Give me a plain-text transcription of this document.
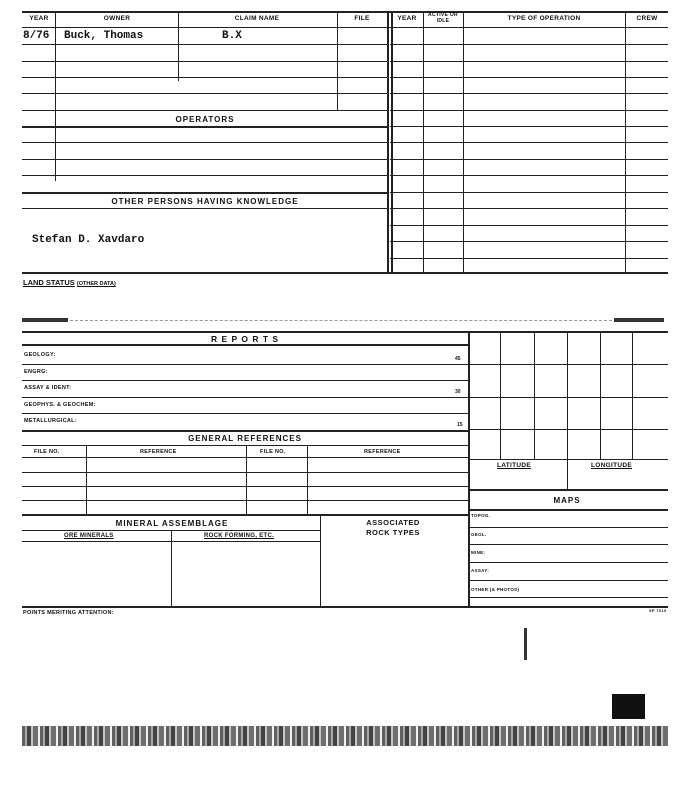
YEAR	OWNER	CLAIM NAME	FILE	YEAR	ACTIVE OR IDLE	TYPE OF OPERATION	CREW
8/76 Buck, Thomas	B.X
OPERATORS
OTHER PERSONS HAVING KNOWLEDGE
Stefan D. Xavdaro
LAND STATUS (OTHER DATA)
R E P O R T S
GEOLOGY:
45
ENGRG:
ASSAY & IDENT:
30
GEOPHYS. & GEOCHEM:
METALLURGICAL:
15
GENERAL REFERENCES
FILE NO.	REFERENCE	FILE NO.	REFERENCE
LATITUDE	LONGITUDE
MAPS
TOPOG.
GEOL.
MINE:
ASSAY:
OTHER (& PHOTOS)
MINERAL ASSEMBLAGE
ORE MINERALS	ROCK FORMING, ETC.
ASSOCIATED
ROCK TYPES
POINTS MERITING ATTENTION:	SP 7013
